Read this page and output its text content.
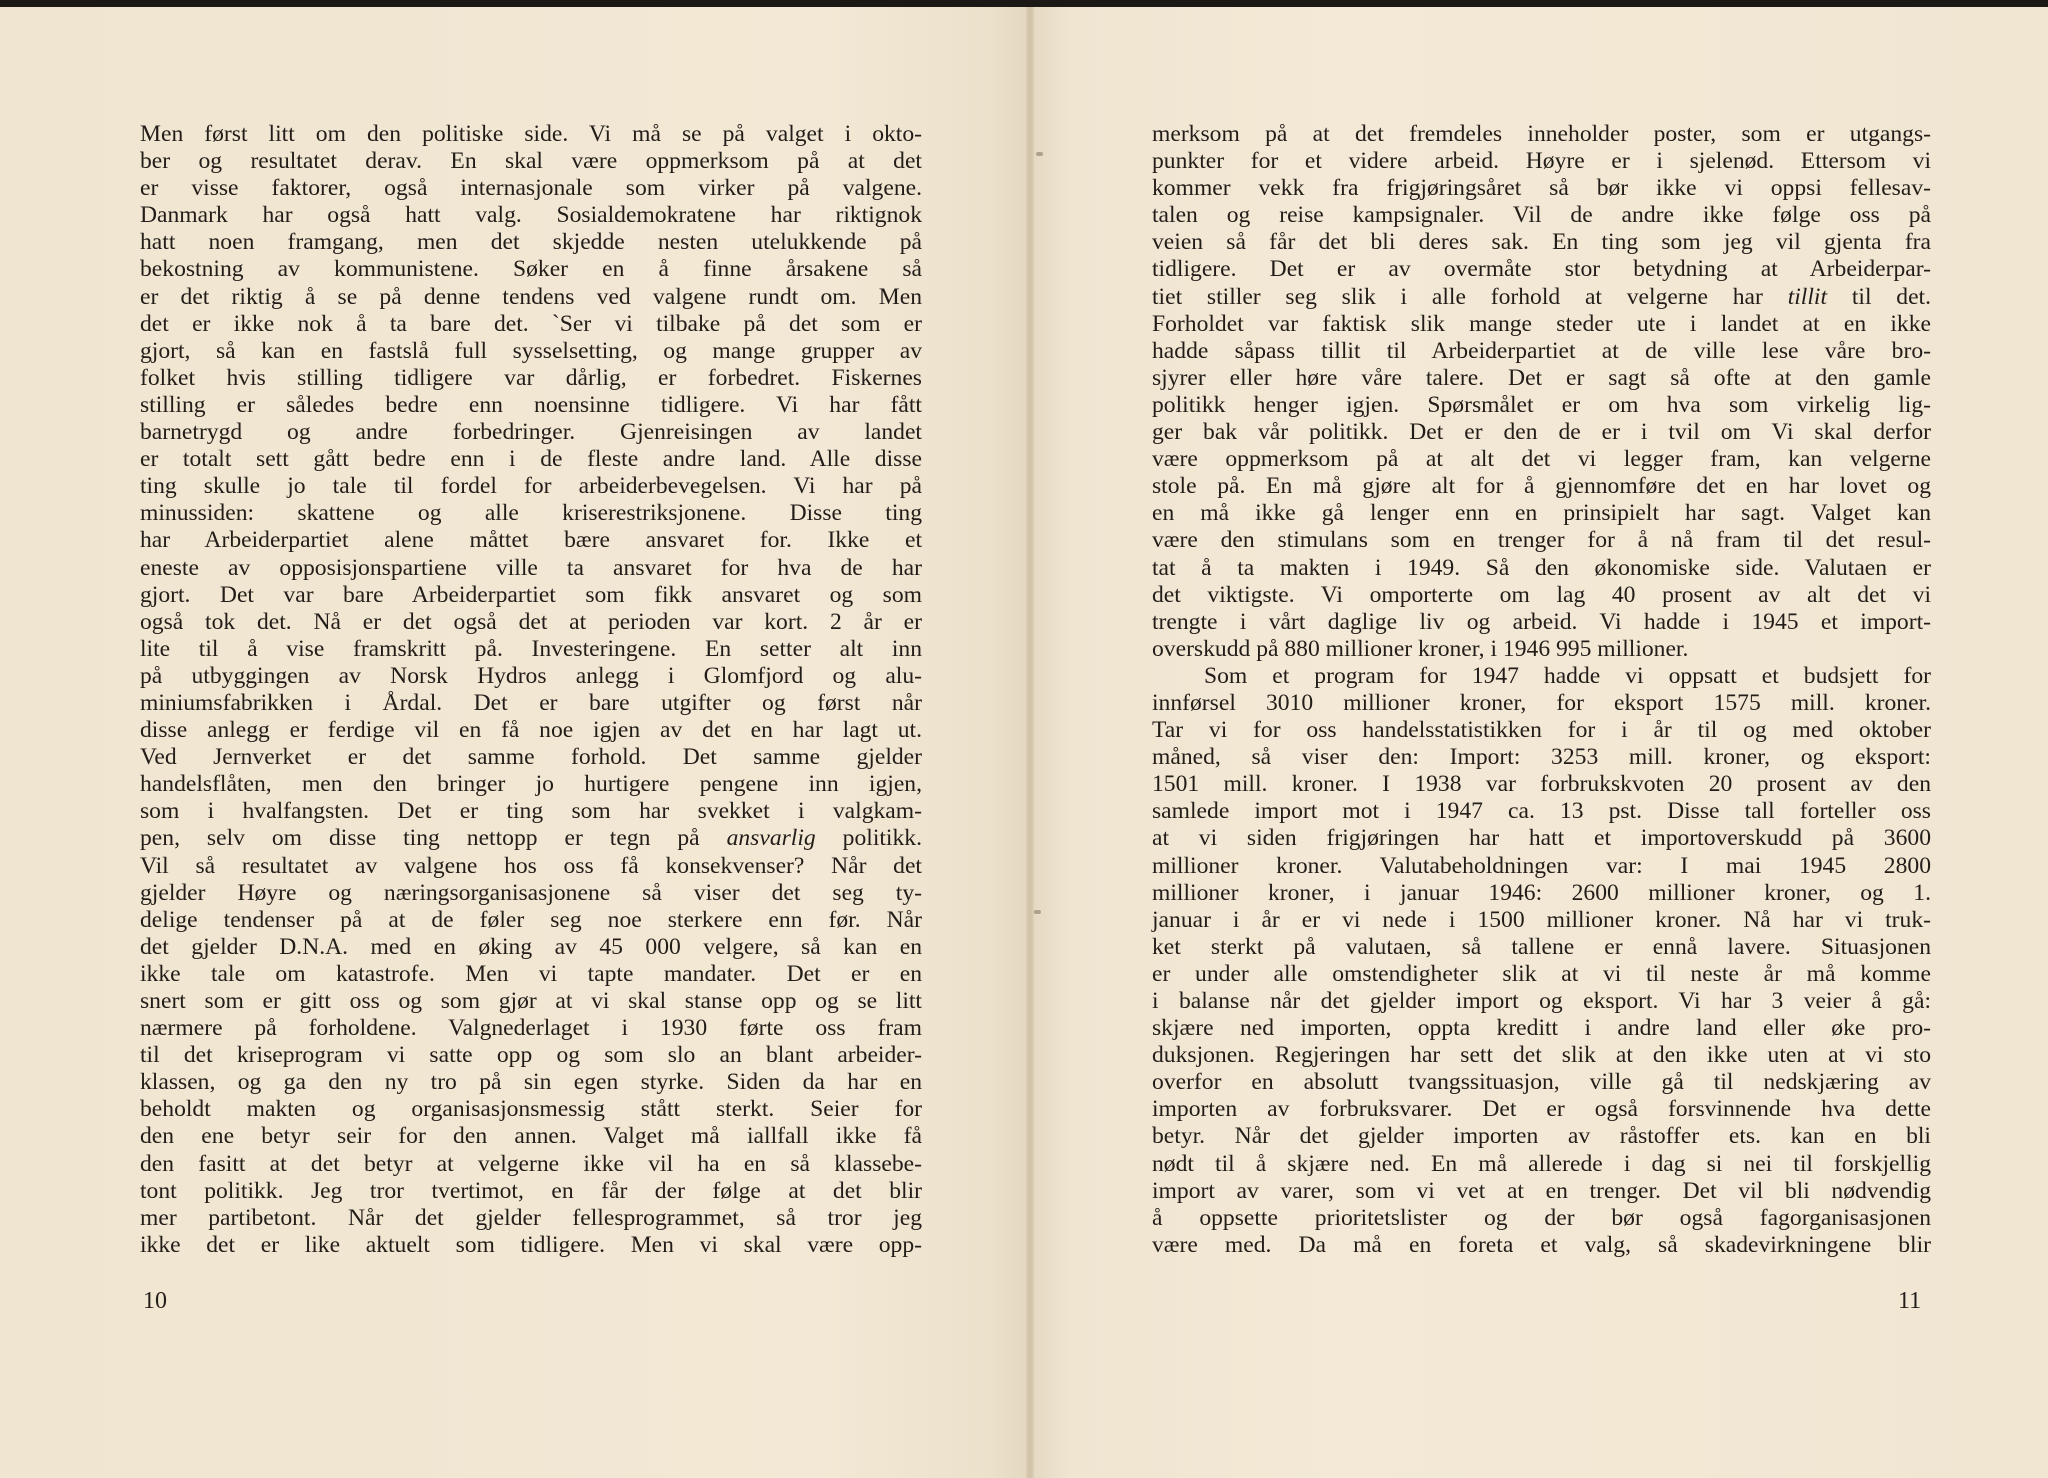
Men først litt om den politiske side. Vi må se på valget i okto-
ber og resultatet derav. En skal være oppmerksom på at det
er visse faktorer, også internasjonale som virker på valgene.
Danmark har også hatt valg. Sosialdemokratene har riktignok
hatt noen framgang, men det skjedde nesten utelukkende på
bekostning av kommunistene. Søker en å finne årsakene så
er det riktig å se på denne tendens ved valgene rundt om. Men
det er ikke nok å ta bare det. `Ser vi tilbake på det som er
gjort, så kan en fastslå full sysselsetting, og mange grupper av
folket hvis stilling tidligere var dårlig, er forbedret. Fiskernes
stilling er således bedre enn noensinne tidligere. Vi har fått
barnetrygd og andre forbedringer. Gjenreisingen av landet
er totalt sett gått bedre enn i de fleste andre land. Alle disse
ting skulle jo tale til fordel for arbeiderbevegelsen. Vi har på
minussiden: skattene og alle kriserestriksjonene. Disse ting
har Arbeiderpartiet alene måttet bære ansvaret for. Ikke et
eneste av opposisjonspartiene ville ta ansvaret for hva de har
gjort. Det var bare Arbeiderpartiet som fikk ansvaret og som
også tok det. Nå er det også det at perioden var kort. 2 år er
lite til å vise framskritt på. Investeringene. En setter alt inn
på utbyggingen av Norsk Hydros anlegg i Glomfjord og alu-
miniumsfabrikken i Årdal. Det er bare utgifter og først når
disse anlegg er ferdige vil en få noe igjen av det en har lagt ut.
Ved Jernverket er det samme forhold. Det samme gjelder
handelsflåten, men den bringer jo hurtigere pengene inn igjen,
som i hvalfangsten. Det er ting som har svekket i valgkam-
pen, selv om disse ting nettopp er tegn på ansvarlig politikk.
Vil så resultatet av valgene hos oss få konsekvenser? Når det
gjelder Høyre og næringsorganisasjonene så viser det seg ty-
delige tendenser på at de føler seg noe sterkere enn før. Når
det gjelder D.N.A. med en øking av 45 000 velgere, så kan en
ikke tale om katastrofe. Men vi tapte mandater. Det er en
snert som er gitt oss og som gjør at vi skal stanse opp og se litt
nærmere på forholdene. Valgnederlaget i 1930 førte oss fram
til det kriseprogram vi satte opp og som slo an blant arbeider-
klassen, og ga den ny tro på sin egen styrke. Siden da har en
beholdt makten og organisasjonsmessig stått sterkt. Seier for
den ene betyr seir for den annen. Valget må iallfall ikke få
den fasitt at det betyr at velgerne ikke vil ha en så klassebe-
tont politikk. Jeg tror tvertimot, en får der følge at det blir
mer partibetont. Når det gjelder fellesprogrammet, så tror jeg
ikke det er like aktuelt som tidligere. Men vi skal være opp-
10
merksom på at det fremdeles inneholder poster, som er utgangs-
punkter for et videre arbeid. Høyre er i sjelenød. Ettersom vi
kommer vekk fra frigjøringsåret så bør ikke vi oppsi fellesav-
talen og reise kampsignaler. Vil de andre ikke følge oss på
veien så får det bli deres sak. En ting som jeg vil gjenta fra
tidligere. Det er av overmåte stor betydning at Arbeiderpar-
tiet stiller seg slik i alle forhold at velgerne har tillit til det.
Forholdet var faktisk slik mange steder ute i landet at en ikke
hadde såpass tillit til Arbeiderpartiet at de ville lese våre bro-
sjyrer eller høre våre talere. Det er sagt så ofte at den gamle
politikk henger igjen. Spørsmålet er om hva som virkelig lig-
ger bak vår politikk. Det er den de er i tvil om Vi skal derfor
være oppmerksom på at alt det vi legger fram, kan velgerne
stole på. En må gjøre alt for å gjennomføre det en har lovet og
en må ikke gå lenger enn en prinsipielt har sagt. Valget kan
være den stimulans som en trenger for å nå fram til det resul-
tat å ta makten i 1949. Så den økonomiske side. Valutaen er
det viktigste. Vi omporterte om lag 40 prosent av alt det vi
trengte i vårt daglige liv og arbeid. Vi hadde i 1945 et import-
overskudd på 880 millioner kroner, i 1946 995 millioner.
Som et program for 1947 hadde vi oppsatt et budsjett for
innførsel 3010 millioner kroner, for eksport 1575 mill. kroner.
Tar vi for oss handelsstatistikken for i år til og med oktober
måned, så viser den: Import: 3253 mill. kroner, og eksport:
1501 mill. kroner. I 1938 var forbrukskvoten 20 prosent av den
samlede import mot i 1947 ca. 13 pst. Disse tall forteller oss
at vi siden frigjøringen har hatt et importoverskudd på 3600
millioner kroner. Valutabeholdningen var: I mai 1945 2800
millioner kroner, i januar 1946: 2600 millioner kroner, og 1.
januar i år er vi nede i 1500 millioner kroner. Nå har vi truk-
ket sterkt på valutaen, så tallene er ennå lavere. Situasjonen
er under alle omstendigheter slik at vi til neste år må komme
i balanse når det gjelder import og eksport. Vi har 3 veier å gå:
skjære ned importen, oppta kreditt i andre land eller øke pro-
duksjonen. Regjeringen har sett det slik at den ikke uten at vi sto
overfor en absolutt tvangssituasjon, ville gå til nedskjæring av
importen av forbruksvarer. Det er også forsvinnende hva dette
betyr. Når det gjelder importen av råstoffer ets. kan en bli
nødt til å skjære ned. En må allerede i dag si nei til forskjellig
import av varer, som vi vet at en trenger. Det vil bli nødvendig
å oppsette prioritetslister og der bør også fagorganisasjonen
være med. Da må en foreta et valg, så skadevirkningene blir
11
